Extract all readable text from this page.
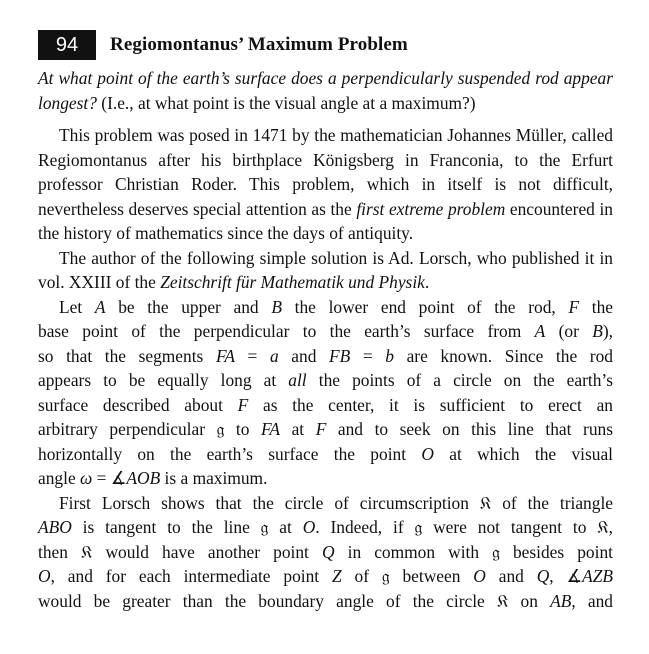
94	Regiomontanus’ Maximum Problem
At what point of the earth’s surface does a perpendicularly suspended rod appear longest? (I.e., at what point is the visual angle at a maximum?)

This problem was posed in 1471 by the mathematician Johannes Müller, called Regiomontanus after his birthplace Königsberg in Franconia, to the Erfurt professor Christian Roder. This problem, which in itself is not difficult, nevertheless deserves special attention as the first extreme problem encountered in the history of mathematics since the days of antiquity.

The author of the following simple solution is Ad. Lorsch, who published it in vol. XXIII of the Zeitschrift für Mathematik und Physik.

Let A be the upper and B the lower end point of the rod, F the

base point of the perpendicular to the earth’s surface from A (or B),

so that the segments FA = a and FB = b are known. Since the rod

appears to be equally long at all the points of a circle on the earth’s

surface described about F as the center, it is sufficient to erect an

arbitrary perpendicular 𝔤 to FA at F and to seek on this line that runs

horizontally on the earth’s surface the point O at which the visual

angle ω = ∡AOB is a maximum.

First Lorsch shows that the circle of circumscription 𝔎 of the triangle

ABO is tangent to the line 𝔤 at O. Indeed, if 𝔤 were not tangent to 𝔎,

then 𝔎 would have another point Q in common with 𝔤 besides point

O, and for each intermediate point Z of 𝔤 between O and Q, ∡AZB

would be greater than the boundary angle of the circle 𝔎 on AB, and
